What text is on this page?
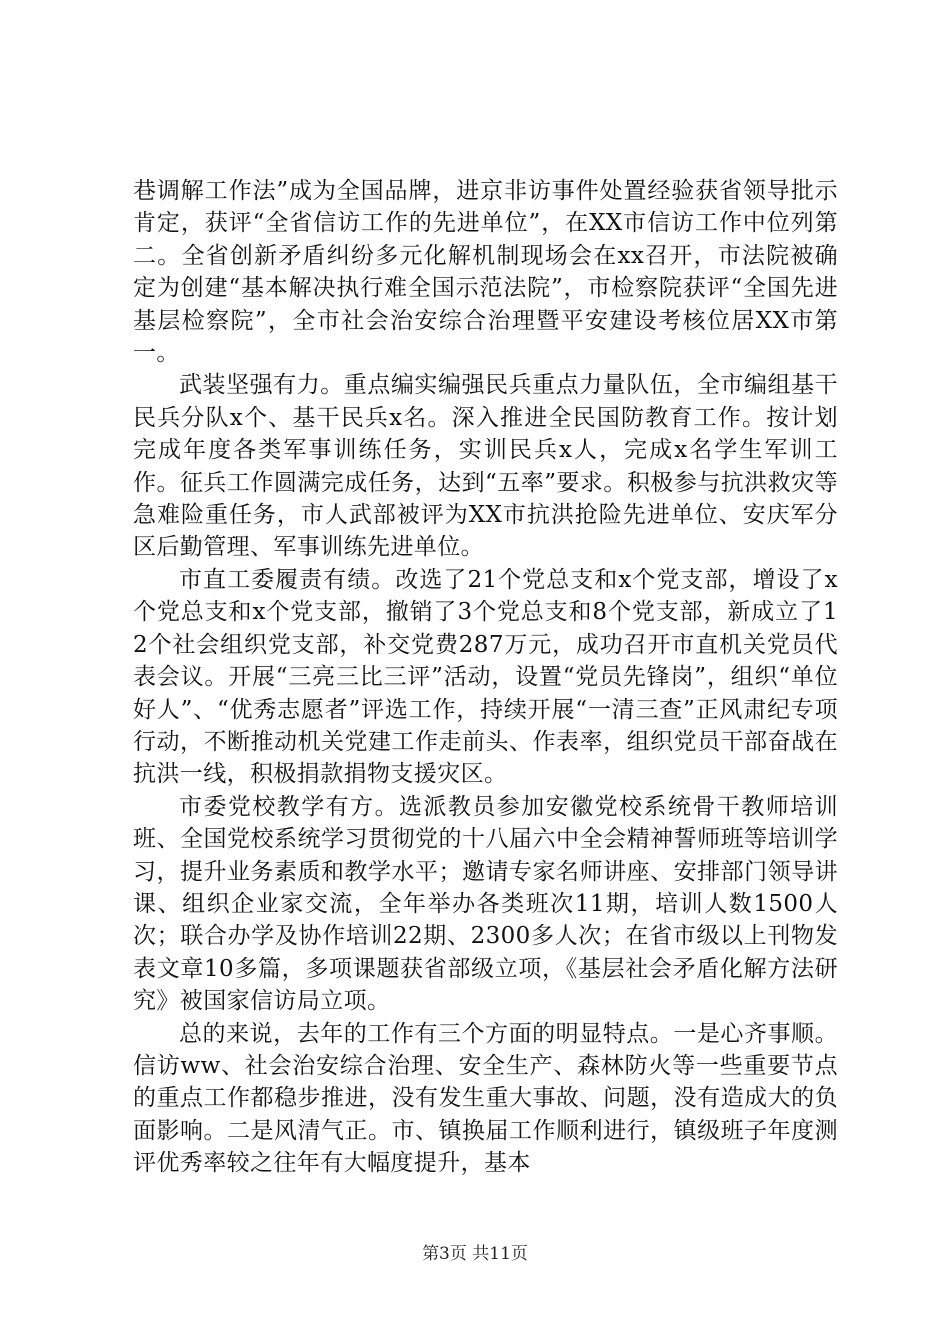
巷调解工作法”成为全国品牌，进京非访事件处置经验获省领导批示肯定，获评“全省信访工作的先进单位”，在XX市信访工作中位列第二。全省创新矛盾纠纷多元化解机制现场会在xx召开，市法院被确定为创建“基本解决执行难全国示范法院”，市检察院获评“全国先进基层检察院”，全市社会治安综合治理暨平安建设考核位居XX市第一。

武装坚强有力。重点编实编强民兵重点力量队伍，全市编组基干民兵分队x个、基干民兵x名。深入推进全民国防教育工作。按计划完成年度各类军事训练任务，实训民兵x人，完成x名学生军训工作。征兵工作圆满完成任务，达到“五率”要求。积极参与抗洪救灾等急难险重任务，市人武部被评为XX市抗洪抢险先进单位、安庆军分区后勤管理、军事训练先进单位。

市直工委履责有绩。改选了21个党总支和x个党支部，增设了x个党总支和x个党支部，撤销了3个党总支和8个党支部，新成立了12个社会组织党支部，补交党费287万元，成功召开市直机关党员代表会议。开展“三亮三比三评”活动，设置“党员先锋岗”，组织“单位好人”、“优秀志愿者”评选工作，持续开展“一清三查”正风肃纪专项行动，不断推动机关党建工作走前头、作表率，组织党员干部奋战在抗洪一线，积极捐款捐物支援灾区。

市委党校教学有方。选派教员参加安徽党校系统骨干教师培训班、全国党校系统学习贯彻党的十八届六中全会精神誓师班等培训学习，提升业务素质和教学水平；邀请专家名师讲座、安排部门领导讲课、组织企业家交流，全年举办各类班次11期，培训人数1500人次；联合办学及协作培训22期、2300多人次；在省市级以上刊物发表文章10多篇，多项课题获省部级立项，《基层社会矛盾化解方法研究》被国家信访局立项。

总的来说，去年的工作有三个方面的明显特点。一是心齐事顺。信访ww、社会治安综合治理、安全生产、森林防火等一些重要节点的重点工作都稳步推进，没有发生重大事故、问题，没有造成大的负面影响。二是风清气正。市、镇换届工作顺利进行，镇级班子年度测评优秀率较之往年有大幅度提升，基本

第3页 共11页
